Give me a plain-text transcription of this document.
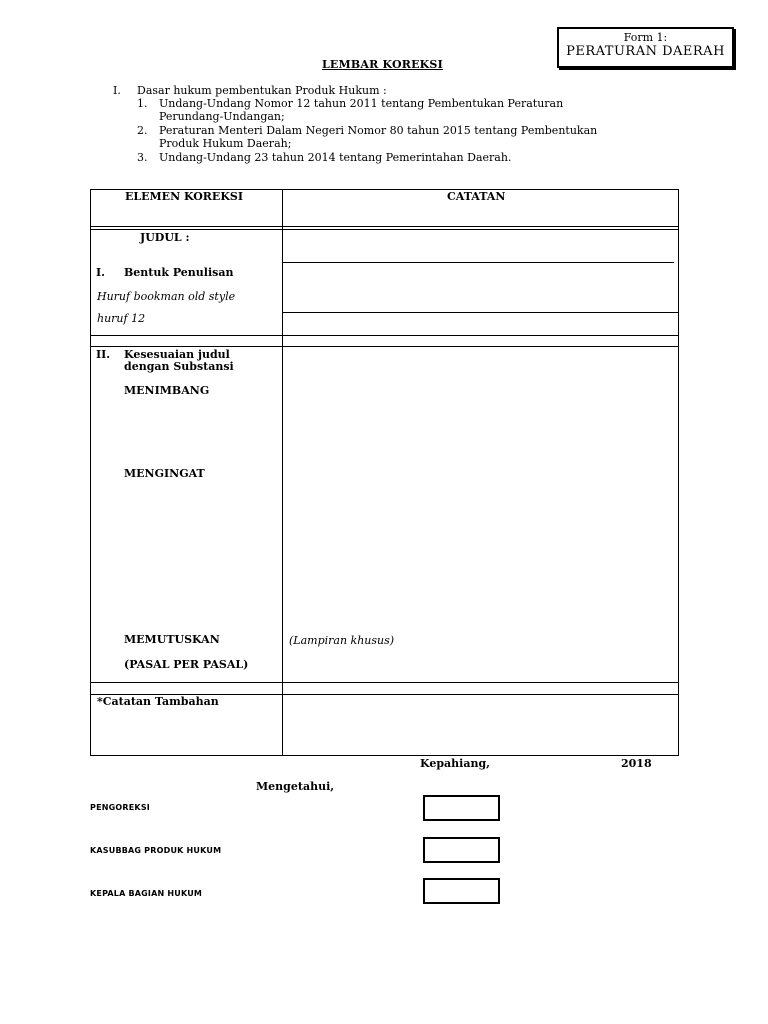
Form 1:
PERATURAN DAERAH
LEMBAR KOREKSI
I. Dasar hukum pembentukan Produk Hukum :
1. Undang-Undang Nomor 12 tahun 2011 tentang Pembentukan Peraturan
Perundang-Undangan;
2. Peraturan Menteri Dalam Negeri Nomor 80 tahun 2015 tentang Pembentukan
Produk Hukum Daerah;
3. Undang-Undang 23 tahun 2014 tentang Pemerintahan Daerah.
ELEMEN KOREKSI	CATATAN
JUDUL :
I. Bentuk Penulisan
Huruf bookman old style
huruf 12
II. Kesesuaian judul
dengan Substansi
MENIMBANG
MENGINGAT
MEMUTUSKAN
(PASAL PER PASAL)
(Lampiran khusus)
*Catatan Tambahan
Kepahiang,	2018
Mengetahui,
PENGOREKSI
KASUBBAG PRODUK HUKUM
KEPALA BAGIAN HUKUM
